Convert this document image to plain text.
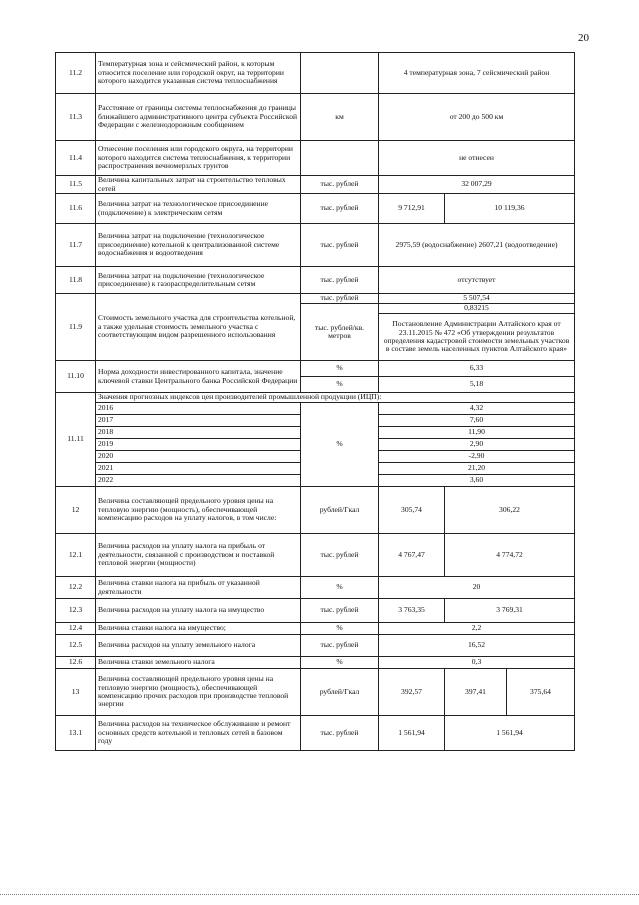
20
11.2	Температурная зона и сейсмический район, к которым относится поселение или городской округ, на территории которого находится указанная система теплоснабжения		4 температурная зона, 7 сейсмический район		
11.3	Расстояние от границы системы теплоснабжения до границы ближайшего административного центра субъекта Российской Федерации с железнодорожным сообщением	км	от 200 до 500 км		
11.4	Отнесение поселения или городского округа, на территории которого находится система теплоснабжения, к территории распространения вечномерзлых грунтов		не отнесен		
11.5	Величина капитальных затрат на строительство тепловых сетей	тыс. рублей	32 007,29		
11.6	Величина затрат на технологическое присоединение (подключение) к электрическим сетям	тыс. рублей	9 712,91	10 119,36	
11.7	Величина затрат на подключение (технологическое присоединение) котельной к централизованной системе водоснабжения и водоотведения	тыс. рублей	2975,59 (водоснабжение) 2607,21 (водоотведение)		
11.8	Величина затрат на подключение (технологическое присоединение) к газораспределительным сетям	тыс. рублей	отсутствует		
11.9	Стоимость земельного участка для строительства котельной, а также удельная стоимость земельного участка с соответствующим видом разрешенного использования	тыс. рублей	5 507,54		
		тыс. рублей/кв. метров	0,83215		
			Постановление Администрации Алтайского края от 23.11.2015 № 472 «Об утверждении результатов определения кадастровой стоимости земельных участков в составе земель населенных пунктов Алтайского края»		
11.10	Норма доходности инвестированного капитала, значение ключевой ставки Центрального банка Российской Федерации	%	6,33		
		%	5,18		
11.11	Значения прогнозных индексов цен производителей промышленной продукции (ИЦП):				
	2016	%	4,32		
	2017		7,60		
	2018		11,90		
	2019		2,90		
	2020		-2,90		
	2021		21,20		
	2022		3,60		
12	Величина составляющей предельного уровня цены на тепловую энергию (мощность), обеспечивающей компенсацию расходов на уплату налогов, в том числе:	рублей/Гкал	305,74	306,22	
12.1	Величина расходов на уплату налога на прибыль от деятельности, связанной с производством и поставкой тепловой энергии (мощности)	тыс. рублей	4 767,47	4 774,72	
12.2	Величина ставки налога на прибыль от указанной деятельности	%	20		
12.3	Величина расходов на уплату налога на имущество	тыс. рублей	3 763,35	3 769,31	
12.4	Величина ставки налога на имущество;	%	2,2		
12.5	Величина расходов на уплату земельного налога	тыс. рублей	16,52		
12.6	Величина ставки земельного налога	%	0,3		
13	Величина составляющей предельного уровня цены на тепловую энергию (мощность), обеспечивающей компенсацию прочих расходов при производстве тепловой энергии	рублей/Гкал	392,57	397,41	375,64
13.1	Величина расходов на техническое обслуживание и ремонт основных средств котельной и тепловых сетей в базовом году	тыс. рублей	1 561,94	1 561,94	
